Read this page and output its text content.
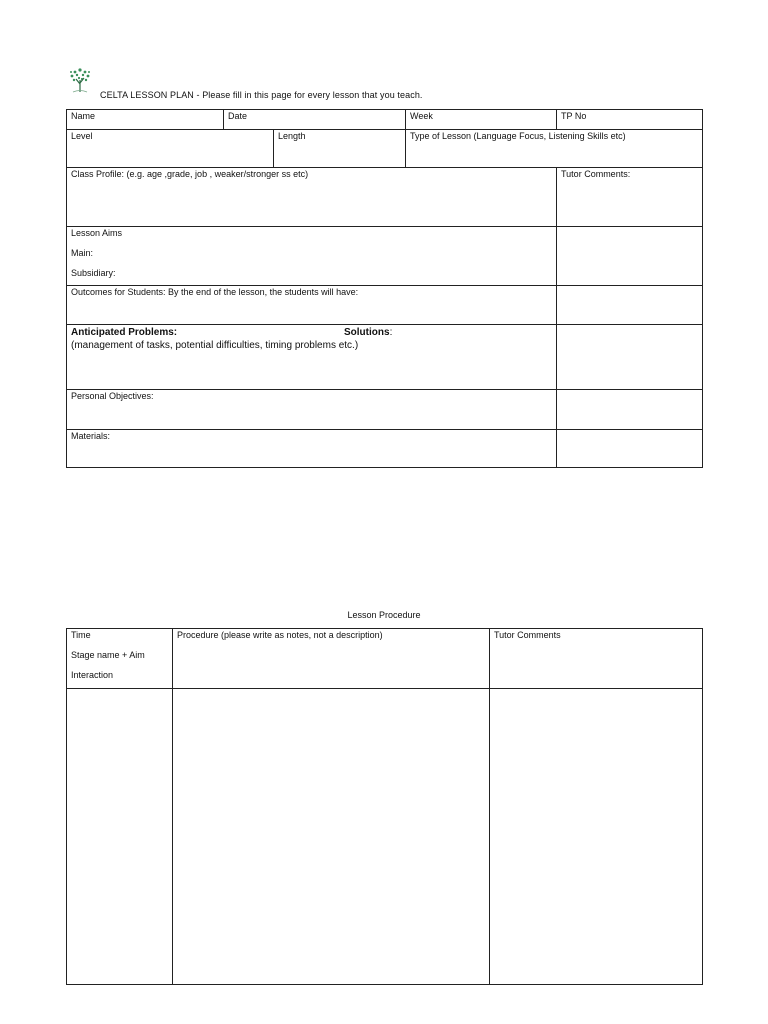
CELTA LESSON PLAN - Please fill in this page for every lesson that you teach.
Name	Date		Week	TP No
Level		Length	Type of Lesson (Language Focus, Listening Skills etc)	
Class Profile: (e.g. age ,grade, job , weaker/stronger ss etc)				Tutor Comments:

Lesson Aims
Main:
Subsidiary:				

Outcomes for Students: By the end of the lesson, the students will have:				

Anticipated Problems: Solutions:
(management of tasks, potential difficulties, timing problems etc.)				
Personal Objectives:				
Materials:				
Lesson Procedure
Time
Stage name + Aim
Interaction	Procedure (please write as notes, not a description)	Tutor Comments
